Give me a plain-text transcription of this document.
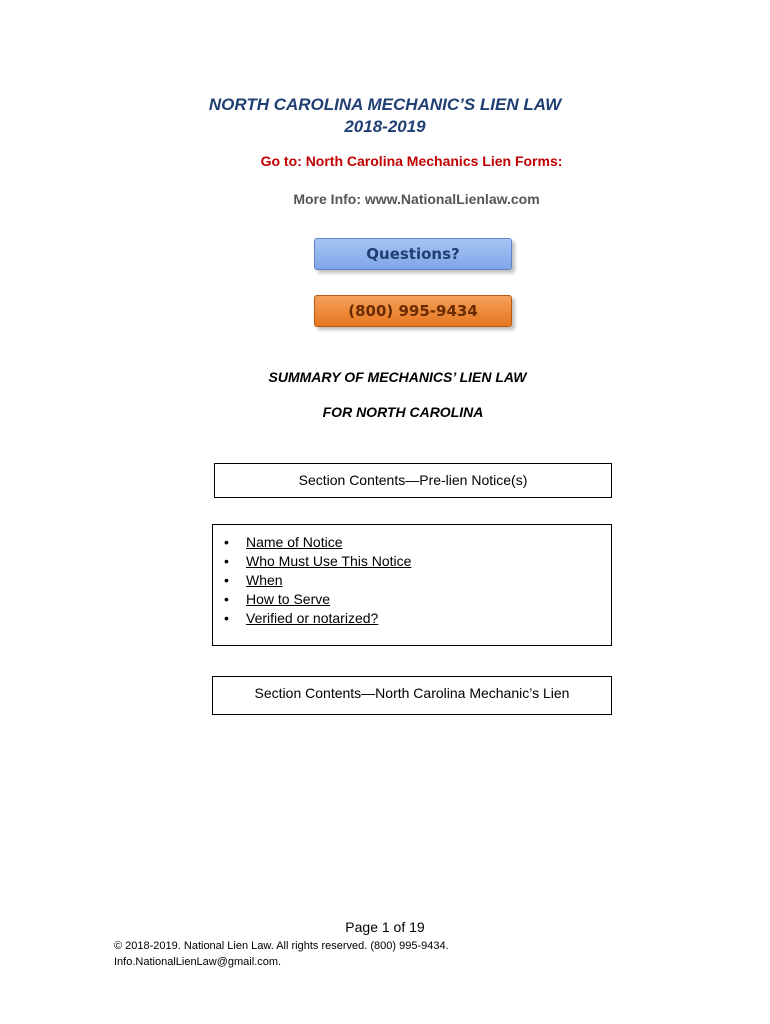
NORTH CAROLINA MECHANIC’S LIEN LAW
2018-2019
Go to: North Carolina Mechanics Lien Forms:
More Info: www.NationalLienlaw.com
Questions?
(800) 995-9434
SUMMARY OF MECHANICS’ LIEN LAW
FOR NORTH CAROLINA
Section Contents—Pre-lien Notice(s)
• Name of Notice
• Who Must Use This Notice
• When
• How to Serve
• Verified or notarized?
Section Contents—North Carolina Mechanic’s Lien
Page 1 of 19
© 2018-2019. National Lien Law. All rights reserved. (800) 995-9434.
Info.NationalLienLaw@gmail.com.
